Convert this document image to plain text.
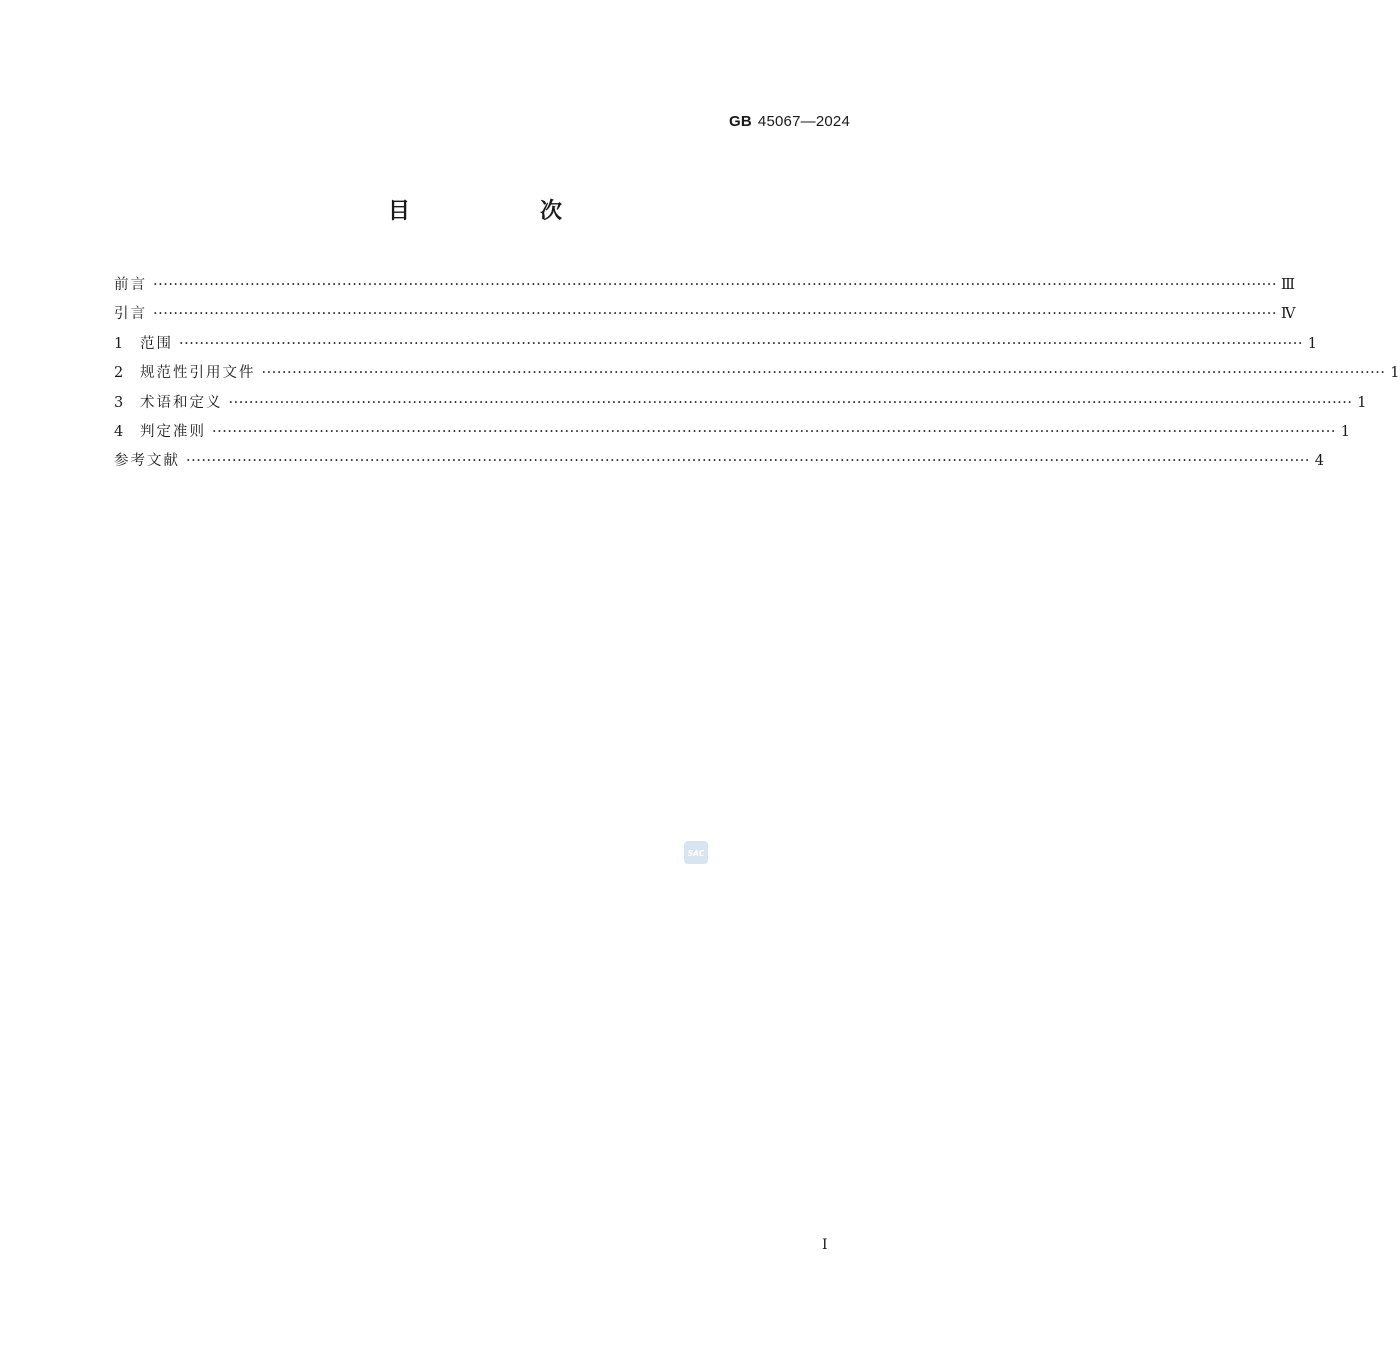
GB 45067—2024
目　次
前言 ···························································································································································································································· Ⅲ
引言 ···························································································································································································································· Ⅳ
1	范围 ···························································································································································································································· 1
2	规范性引用文件 ···························································································································································································································· 1
3	术语和定义 ···························································································································································································································· 1
4	判定准则 ···························································································································································································································· 1
参考文献 ···························································································································································································································· 4
SAC
Ⅰ
